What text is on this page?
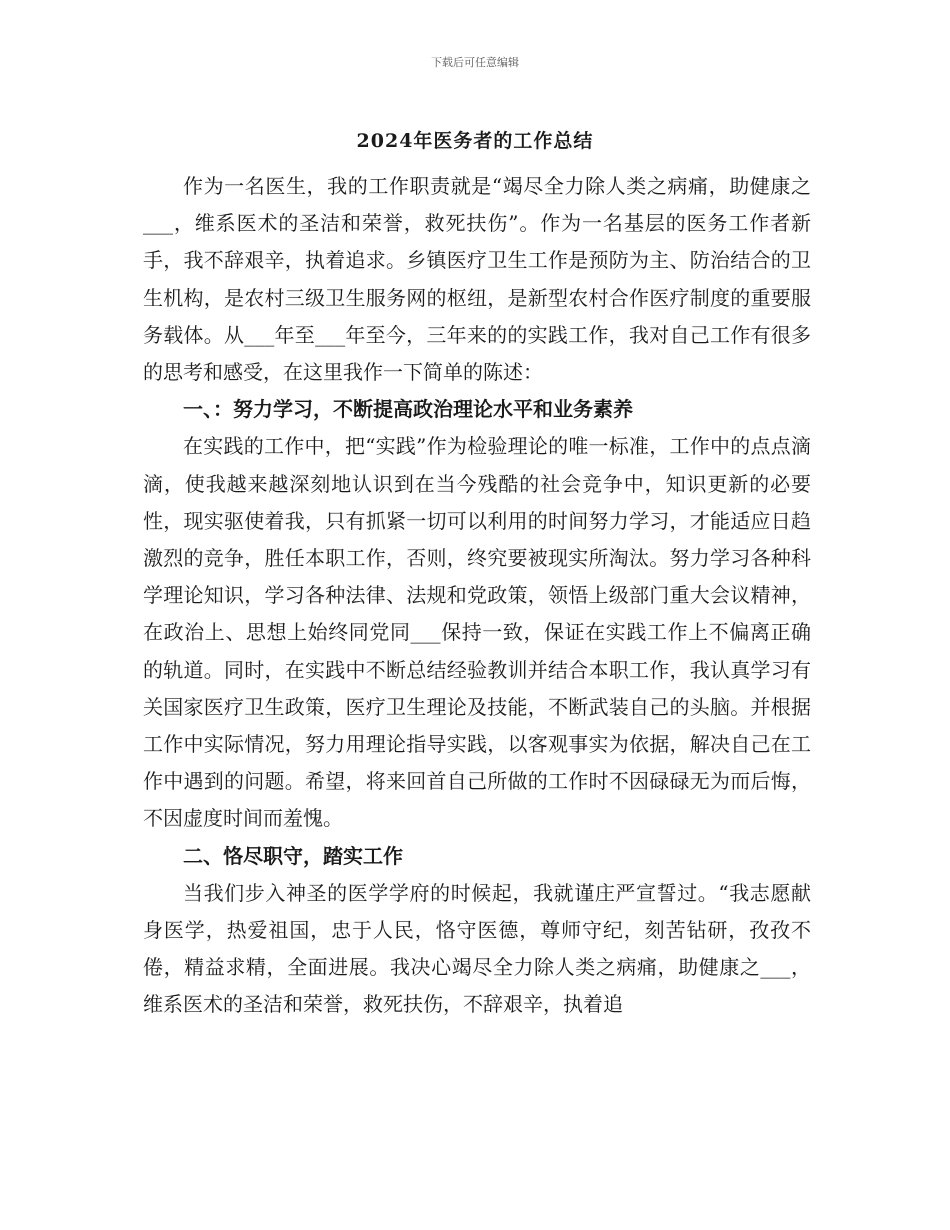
下载后可任意编辑
2024年医务者的工作总结

作为一名医生，我的工作职责就是“竭尽全力除人类之病痛，助健康之___，维系医术的圣洁和荣誉，救死扶伤”。作为一名基层的医务工作者新手，我不辞艰辛，执着追求。乡镇医疗卫生工作是预防为主、防治结合的卫生机构，是农村三级卫生服务网的枢纽，是新型农村合作医疗制度的重要服务载体。从___年至___年至今，三年来的的实践工作，我对自己工作有很多的思考和感受，在这里我作一下简单的陈述：

一、：努力学习，不断提高政治理论水平和业务素养

在实践的工作中，把“实践”作为检验理论的唯一标准，工作中的点点滴滴，使我越来越深刻地认识到在当今残酷的社会竞争中，知识更新的必要性，现实驱使着我，只有抓紧一切可以利用的时间努力学习，才能适应日趋激烈的竞争，胜任本职工作，否则，终究要被现实所淘汰。努力学习各种科学理论知识，学习各种法律、法规和党政策，领悟上级部门重大会议精神，在政治上、思想上始终同党同___保持一致，保证在实践工作上不偏离正确的轨道。同时，在实践中不断总结经验教训并结合本职工作，我认真学习有关国家医疗卫生政策，医疗卫生理论及技能，不断武装自己的头脑。并根据工作中实际情况，努力用理论指导实践，以客观事实为依据，解决自己在工作中遇到的问题。希望，将来回首自己所做的工作时不因碌碌无为而后悔，不因虚度时间而羞愧。

二、恪尽职守，踏实工作

当我们步入神圣的医学学府的时候起，我就谨庄严宣誓过。“我志愿献身医学，热爱祖国，忠于人民，恪守医德，尊师守纪，刻苦钻研，孜孜不倦，精益求精，全面进展。我决心竭尽全力除人类之病痛，助健康之___，维系医术的圣洁和荣誉，救死扶伤，不辞艰辛，执着追
